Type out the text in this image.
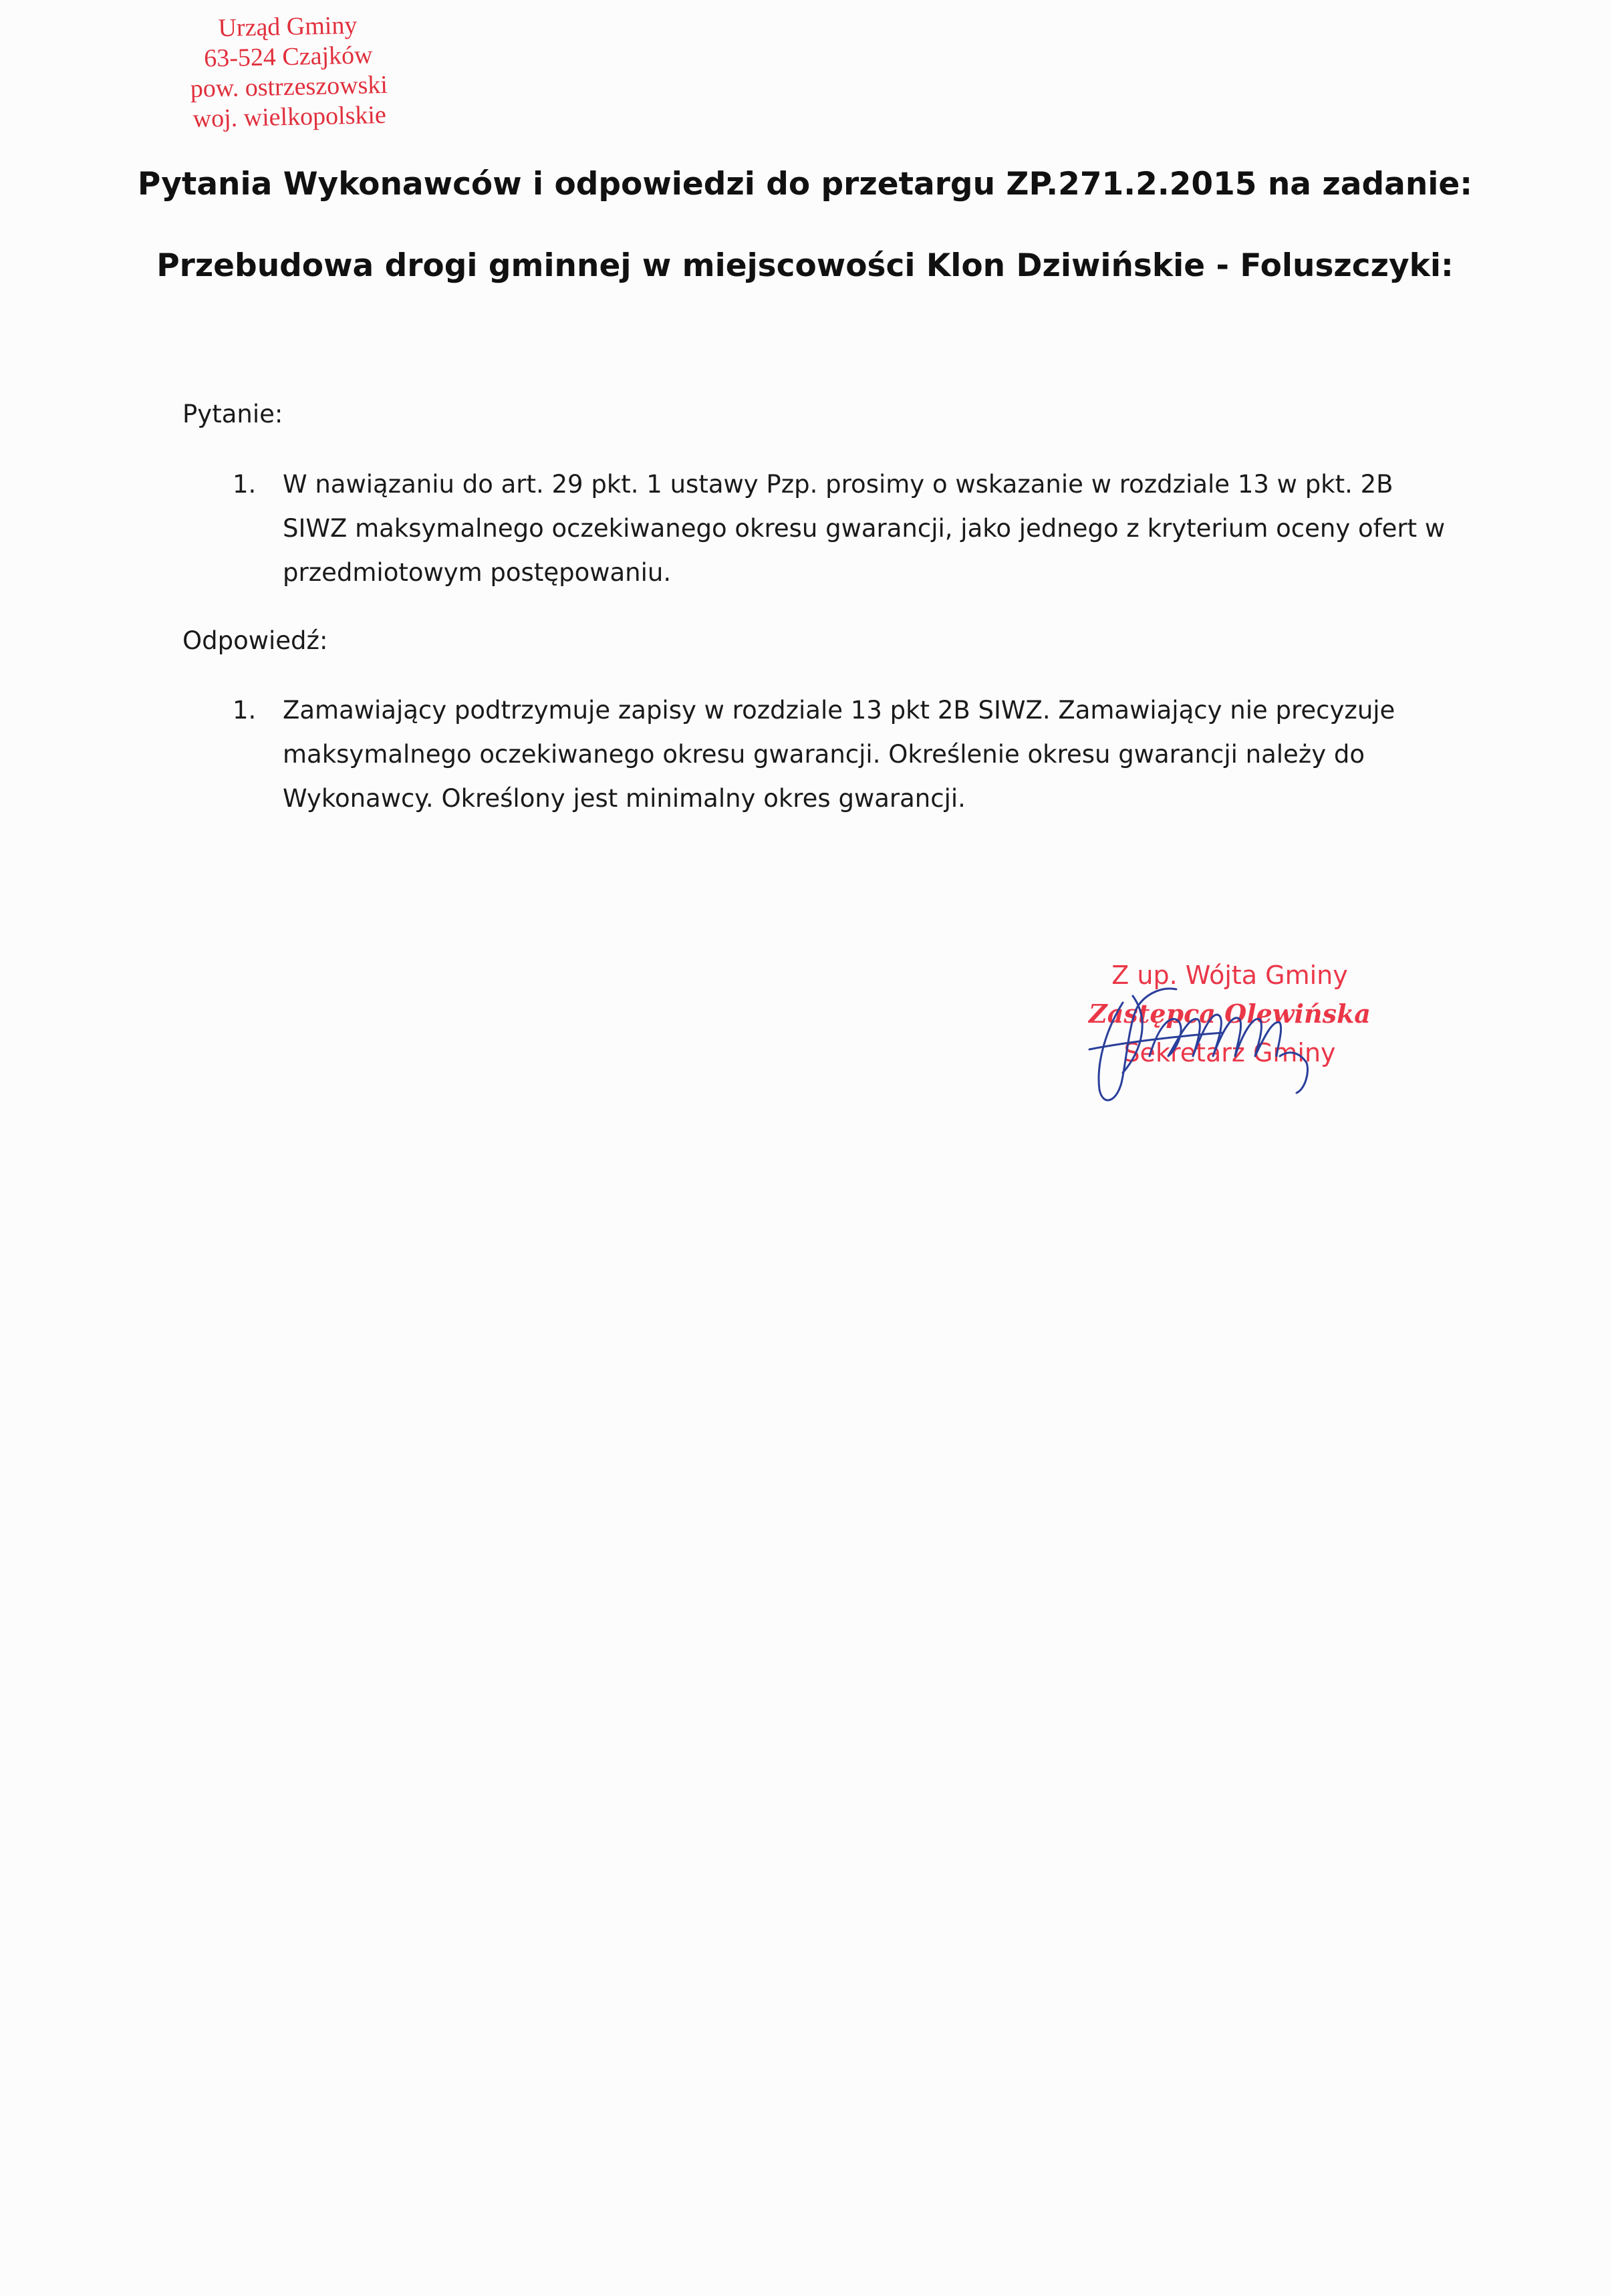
Urząd Gminy
63-524 Czajków
pow. ostrzeszowski
woj. wielkopolskie
Pytania Wykonawców i odpowiedzi do przetargu ZP.271.2.2015 na zadanie:
Przebudowa drogi gminnej w miejscowości Klon Dziwińskie - Foluszczyki:
Pytanie:
1. W nawiązaniu do art. 29 pkt. 1 ustawy Pzp. prosimy o wskazanie w rozdziale 13 w pkt. 2B
SIWZ maksymalnego oczekiwanego okresu gwarancji, jako jednego z kryterium oceny ofert w
przedmiotowym postępowaniu.
Odpowiedź:
1. Zamawiający podtrzymuje zapisy w rozdziale 13 pkt 2B SIWZ. Zamawiający nie precyzuje
maksymalnego oczekiwanego okresu gwarancji. Określenie okresu gwarancji należy do
Wykonawcy. Określony jest minimalny okres gwarancji.
Z up. Wójta Gminy
Zastępca Olewińska
Sekretarz Gminy
